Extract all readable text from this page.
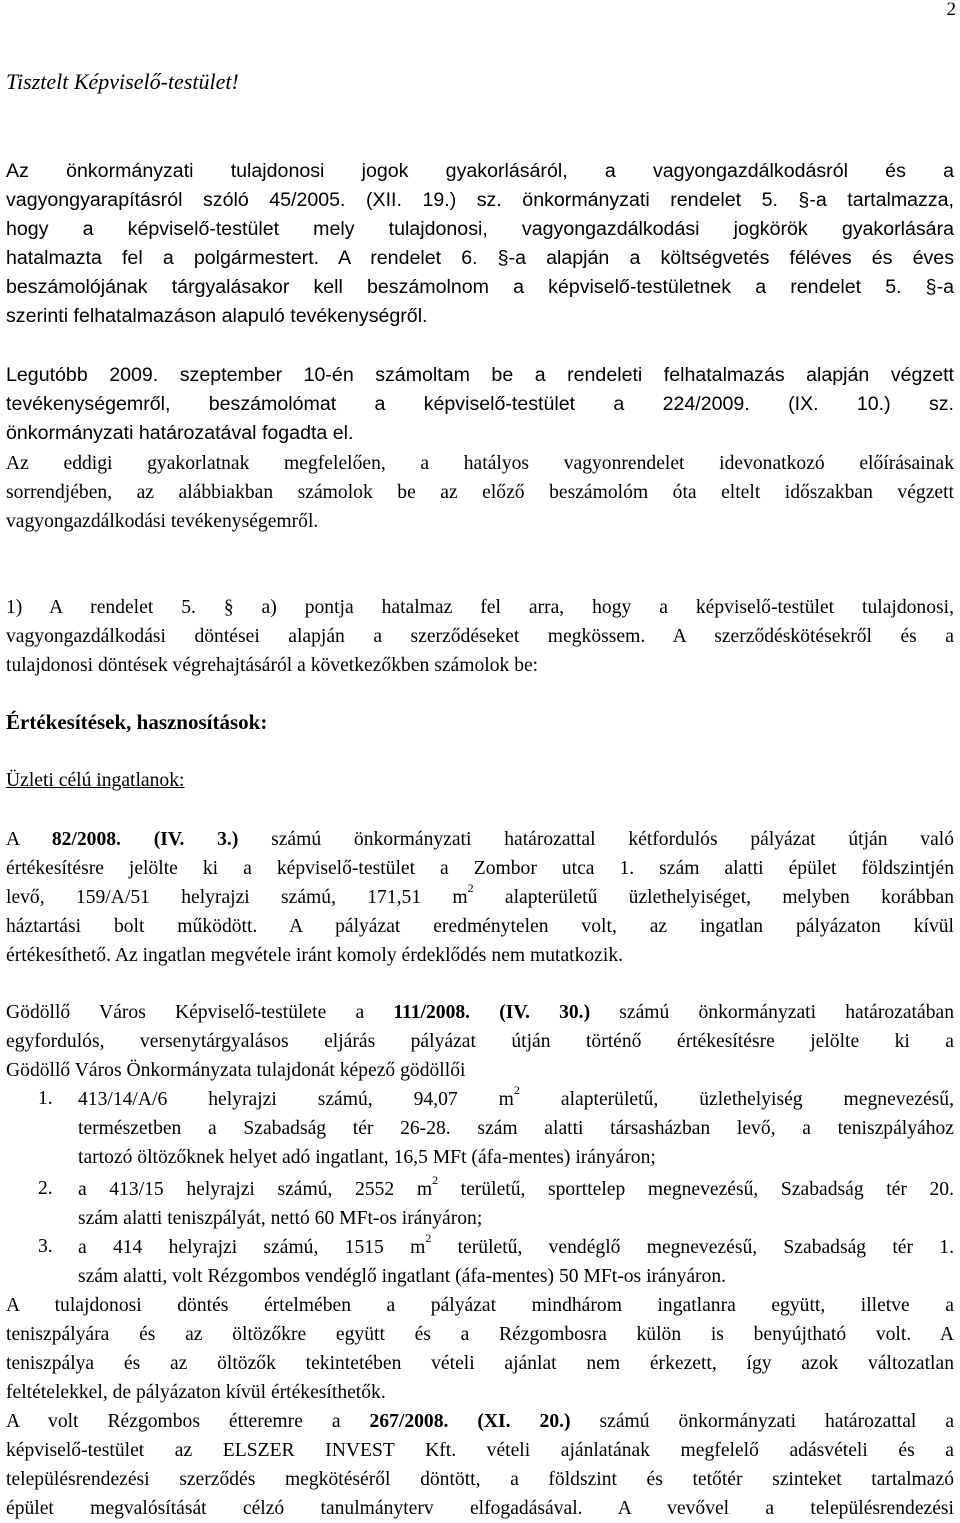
2
Tisztelt Képviselő-testület!
Az önkormányzati tulajdonosi jogok gyakorlásáról, a vagyongazdálkodásról és a
vagyongyarapításról szóló 45/2005. (XII. 19.) sz. önkormányzati rendelet 5. §-a tartalmazza,
hogy a képviselő-testület mely tulajdonosi, vagyongazdálkodási jogkörök gyakorlására
hatalmazta fel a polgármestert. A rendelet 6. §-a alapján a költségvetés féléves és éves
beszámolójának tárgyalásakor kell beszámolnom a képviselő-testületnek a rendelet 5. §-a
szerinti felhatalmazáson alapuló tevékenységről.
Legutóbb 2009. szeptember 10-én számoltam be a rendeleti felhatalmazás alapján végzett
tevékenységemről, beszámolómat a képviselő-testület a 224/2009. (IX. 10.) sz.
önkormányzati határozatával fogadta el.
Az eddigi gyakorlatnak megfelelően, a hatályos vagyonrendelet idevonatkozó előírásainak
sorrendjében, az alábbiakban számolok be az előző beszámolóm óta eltelt időszakban végzett
vagyongazdálkodási tevékenységemről.
1) A rendelet 5. § a) pontja hatalmaz fel arra, hogy a képviselő-testület tulajdonosi,
vagyongazdálkodási döntései alapján a szerződéseket megkössem. A szerződéskötésekről és a
tulajdonosi döntések végrehajtásáról a következőkben számolok be:
Értékesítések, hasznosítások:
Üzleti célú ingatlanok:
A 82/2008. (IV. 3.) számú önkormányzati határozattal kétfordulós pályázat útján való
értékesítésre jelölte ki a képviselő-testület a Zombor utca 1. szám alatti épület földszintjén
levő, 159/A/51 helyrajzi számú, 171,51 $m^2$ alapterületű üzlethelyiséget, melyben korábban
háztartási bolt működött. A pályázat eredménytelen volt, az ingatlan pályázaton kívül
értékesíthető. Az ingatlan megvétele iránt komoly érdeklődés nem mutatkozik.
Gödöllő Város Képviselő-testülete a 111/2008. (IV. 30.) számú önkormányzati határozatában
egyfordulós, versenytárgyalásos eljárás pályázat útján történő értékesítésre jelölte ki a
Gödöllő Város Önkormányzata tulajdonát képező gödöllői
1. 413/14/A/6 helyrajzi számú, 94,07 $m^2$ alapterületű, üzlethelyiség megnevezésű,
természetben a Szabadság tér 26-28. szám alatti társasházban levő, a teniszpályához
tartozó öltözőknek helyet adó ingatlant, 16,5 MFt (áfa-mentes) irányáron;
2. a 413/15 helyrajzi számú, 2552 $m^2$ területű, sporttelep megnevezésű, Szabadság tér 20.
szám alatti teniszpályát, nettó 60 MFt-os irányáron;
3. a 414 helyrajzi számú, 1515 $m^2$ területű, vendéglő megnevezésű, Szabadság tér 1.
szám alatti, volt Rézgombos vendéglő ingatlant (áfa-mentes) 50 MFt-os irányáron.
A tulajdonosi döntés értelmében a pályázat mindhárom ingatlanra együtt, illetve a
teniszpályára és az öltözőkre együtt és a Rézgombosra külön is benyújtható volt. A
teniszpálya és az öltözők tekintetében vételi ajánlat nem érkezett, így azok változatlan
feltételekkel, de pályázaton kívül értékesíthetők.
A volt Rézgombos étteremre a 267/2008. (XI. 20.) számú önkormányzati határozattal a
képviselő-testület az ELSZER INVEST Kft. vételi ajánlatának megfelelő adásvételi és a
településrendezési szerződés megkötéséről döntött, a földszint és tetőtér szinteket tartalmazó
épület megvalósítását célzó tanulmányterv elfogadásával. A vevővel a településrendezési
